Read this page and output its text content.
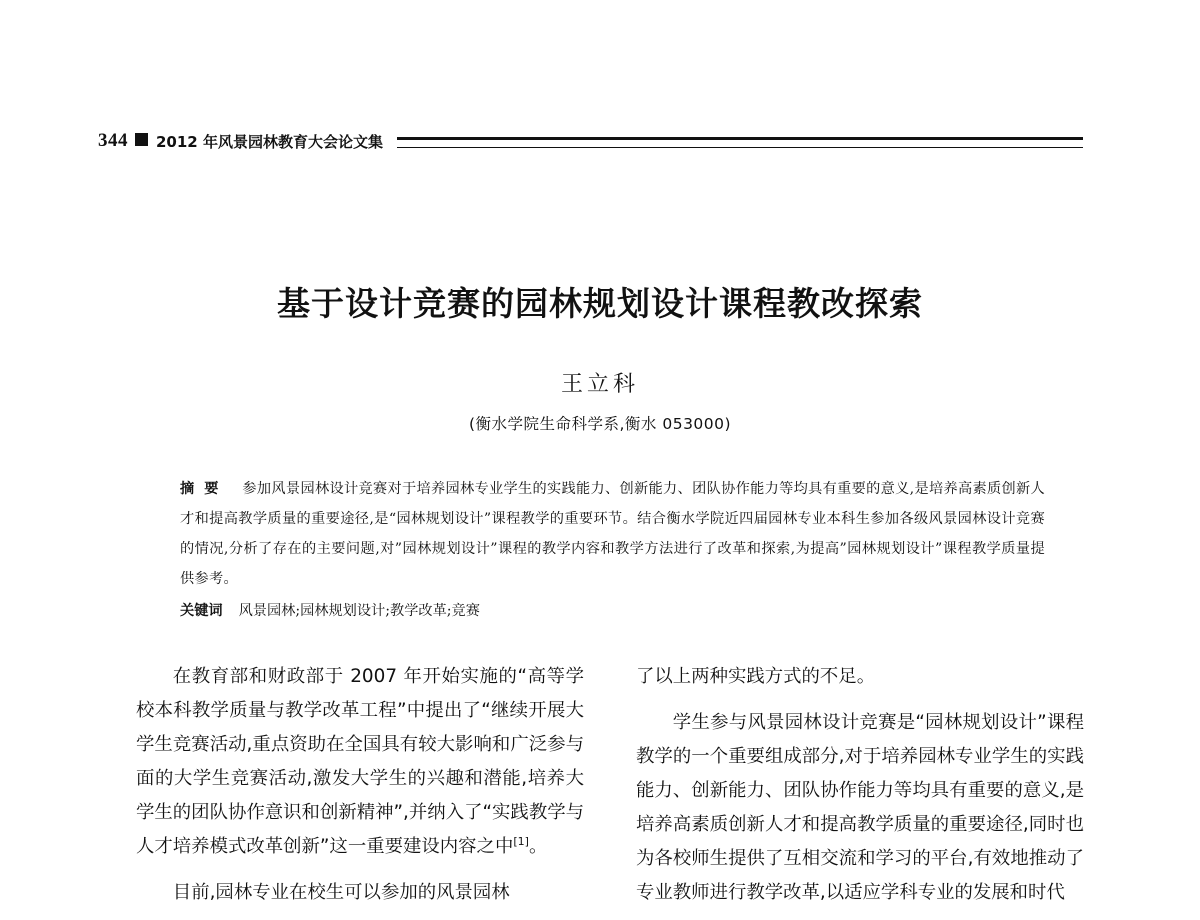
344 2012 年风景园林教育大会论文集
基于设计竞赛的园林规划设计课程教改探索
王立科
(衡水学院生命科学系,衡水 053000)
摘要 参加风景园林设计竞赛对于培养园林专业学生的实践能力、创新能力、团队协作能力等均具有重要的意义,是培养高素质创新人才和提高教学质量的重要途径,是“园林规划设计”课程教学的重要环节。结合衡水学院近四届园林专业本科生参加各级风景园林设计竞赛的情况,分析了存在的主要问题,对”园林规划设计”课程的教学内容和教学方法进行了改革和探索,为提高”园林规划设计”课程教学质量提供参考。
关键词 风景园林;园林规划设计;教学改革;竞赛

在教育部和财政部于 2007 年开始实施的“高等学校本科教学质量与教学改革工程”中提出了“继续开展大学生竞赛活动,重点资助在全国具有较大影响和广泛参与面的大学生竞赛活动,激发大学生的兴趣和潜能,培养大学生的团队协作意识和创新精神”,并纳入了“实践教学与人才培养模式改革创新”这一重要建设内容之中[1]。

目前,园林专业在校生可以参加的风景园林

了以上两种实践方式的不足。

学生参与风景园林设计竞赛是“园林规划设计”课程教学的一个重要组成部分,对于培养园林专业学生的实践能力、创新能力、团队协作能力等均具有重要的意义,是培养高素质创新人才和提高教学质量的重要途径,同时也为各校师生提供了互相交流和学习的平台,有效地推动了专业教师进行教学改革,以适应学科专业的发展和时代
